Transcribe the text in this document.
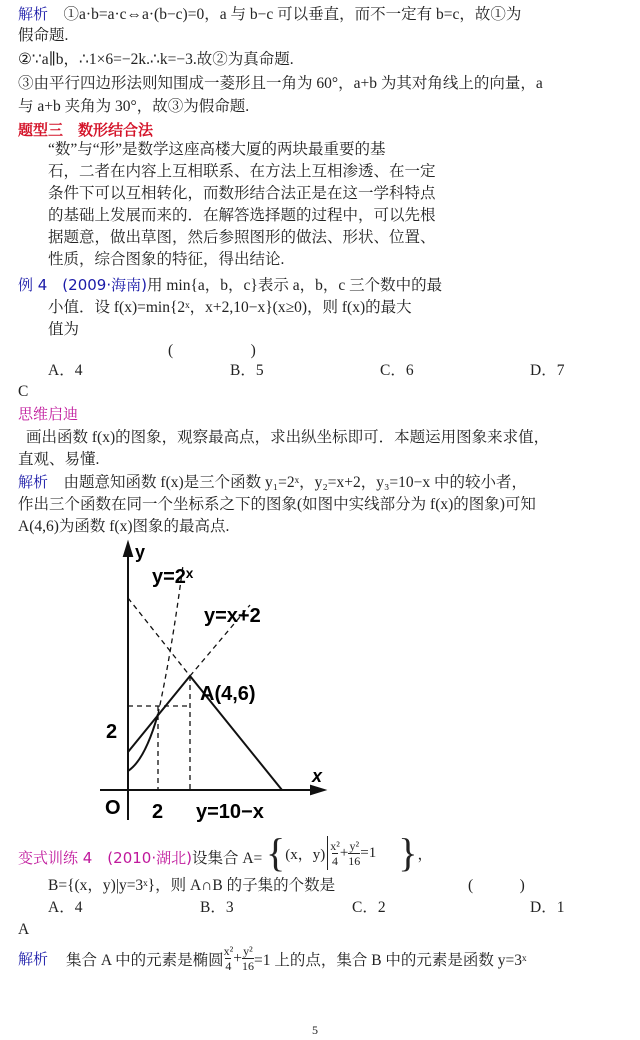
解析　 ①a·b=a·c⇔a·(b−c)=0，a 与 b−c 可以垂直，而不一定有 b=c，故①为
假命题.
②∵a∥b，∴1×6=−2k.∴k=−3.故②为真命题.
③由平行四边形法则知围成一菱形且一角为 60°，a+b 为其对角线上的向量，a
与 a+b 夹角为 30°，故③为假命题.
题型三　数形结合法
“数”与“形”是数学这座高楼大厦的两块最重要的基
石，二者在内容上互相联系、在方法上互相渗透、在一定
条件下可以互相转化，而数形结合法正是在这一学科特点
的基础上发展而来的．在解答选择题的过程中，可以先根
据题意，做出草图，然后参照图形的做法、形状、位置、
性质，综合图象的特征，得出结论.
例 4　(2009·海南)用 min{a，b，c}表示 a，b，c 三个数中的最
小值．设 f(x)=min{2ˣ，x+2,10−x}(x≥0)，则 f(x)的最大
值为
(　　　　　)
A．4	B．5	C．6	D．7
C
思维启迪
画出函数 f(x)的图象，观察最高点，求出纵坐标即可．本题运用图象来求值，
直观、易懂.
解析　 由题意知函数 f(x)是三个函数 y₁=2ˣ，y₂=x+2，y₃=10−x 中的较小者，
作出三个函数在同一个坐标系之下的图象(如图中实线部分为 f(x)的图象)可知
A(4,6)为函数 f(x)图象的最高点.
y
x
O 2
2
y=2ˣ
y=x+2
A(4,6)
y=10−x
变式训练 4　(2010·湖北)设集合 A= { (x，$y) \frac{\text{x²}}{4} + \frac{\text{y²}}{16} =1$ } ，
B={(x，y)|y=3ˣ}，则 A∩B 的子集的个数是	(　　　)
A．4	B．3	C．2	D．1
A
解析 集合 A 中的元素是椭圆 $\frac{\text{x²}}{4} + \frac{\text{y²}}{16} =1$ 上的点，集合 B 中的元素是函数 y=3ˣ
5
